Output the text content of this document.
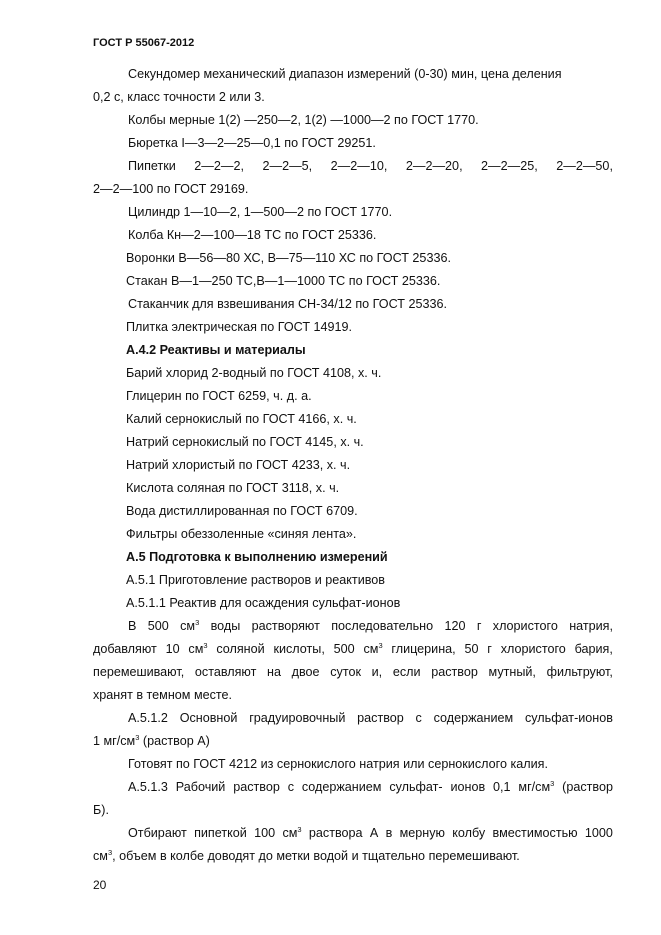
ГОСТ Р 55067-2012
Секундомер механический диапазон измерений (0-30) мин, цена деления
0,2 с, класс точности 2 или 3.
Колбы мерные 1(2) —250—2, 1(2) —1000—2 по ГОСТ 1770.
Бюретка I—3—2—25—0,1 по ГОСТ 29251.
Пипетки 2—2—2, 2—2—5, 2—2—10, 2—2—20, 2—2—25, 2—2—50,
2—2—100 по ГОСТ 29169.
Цилиндр 1—10—2, 1—500—2 по ГОСТ 1770.
Колба Кн—2—100—18 ТС по ГОСТ 25336.
Воронки В—56—80 ХС, В—75—110 ХС по ГОСТ 25336.
Стакан В—1—250 ТС,В—1—1000 ТС по ГОСТ 25336.
Стаканчик для взвешивания СН-34/12 по ГОСТ 25336.
Плитка электрическая по ГОСТ 14919.
А.4.2 Реактивы и материалы
Барий хлорид 2-водный по ГОСТ 4108, х. ч.
Глицерин по ГОСТ 6259, ч. д. а.
Калий сернокислый по ГОСТ 4166, х. ч.
Натрий сернокислый по ГОСТ 4145, х. ч.
Натрий хлористый по ГОСТ 4233, х. ч.
Кислота соляная по ГОСТ 3118, х. ч.
Вода дистиллированная по ГОСТ 6709.
Фильтры обеззоленные «синяя лента».
А.5 Подготовка к выполнению измерений
А.5.1 Приготовление растворов и реактивов
А.5.1.1 Реактив для осаждения сульфат-ионов
В 500 $см^3$ воды растворяют последовательно 120 г хлористого натрия,
добавляют 10 $см^3$ соляной кислоты, 500 $см^3$ глицерина, 50 г хлористого бария,
перемешивают, оставляют на двое суток и, если раствор мутный, фильтруют,
хранят в темном месте.
А.5.1.2 Основной градуировочный раствор с содержанием сульфат-ионов
1 $мг/см^3$ (раствор А)
Готовят по ГОСТ 4212 из сернокислого натрия или сернокислого калия.
А.5.1.3 Рабочий раствор с содержанием сульфат- ионов 0,1 $мг/см^3$ (раствор
Б).
Отбирают пипеткой 100 $см^3$ раствора А в мерную колбу вместимостью 1000
$см^3$, объем в колбе доводят до метки водой и тщательно перемешивают.
20
